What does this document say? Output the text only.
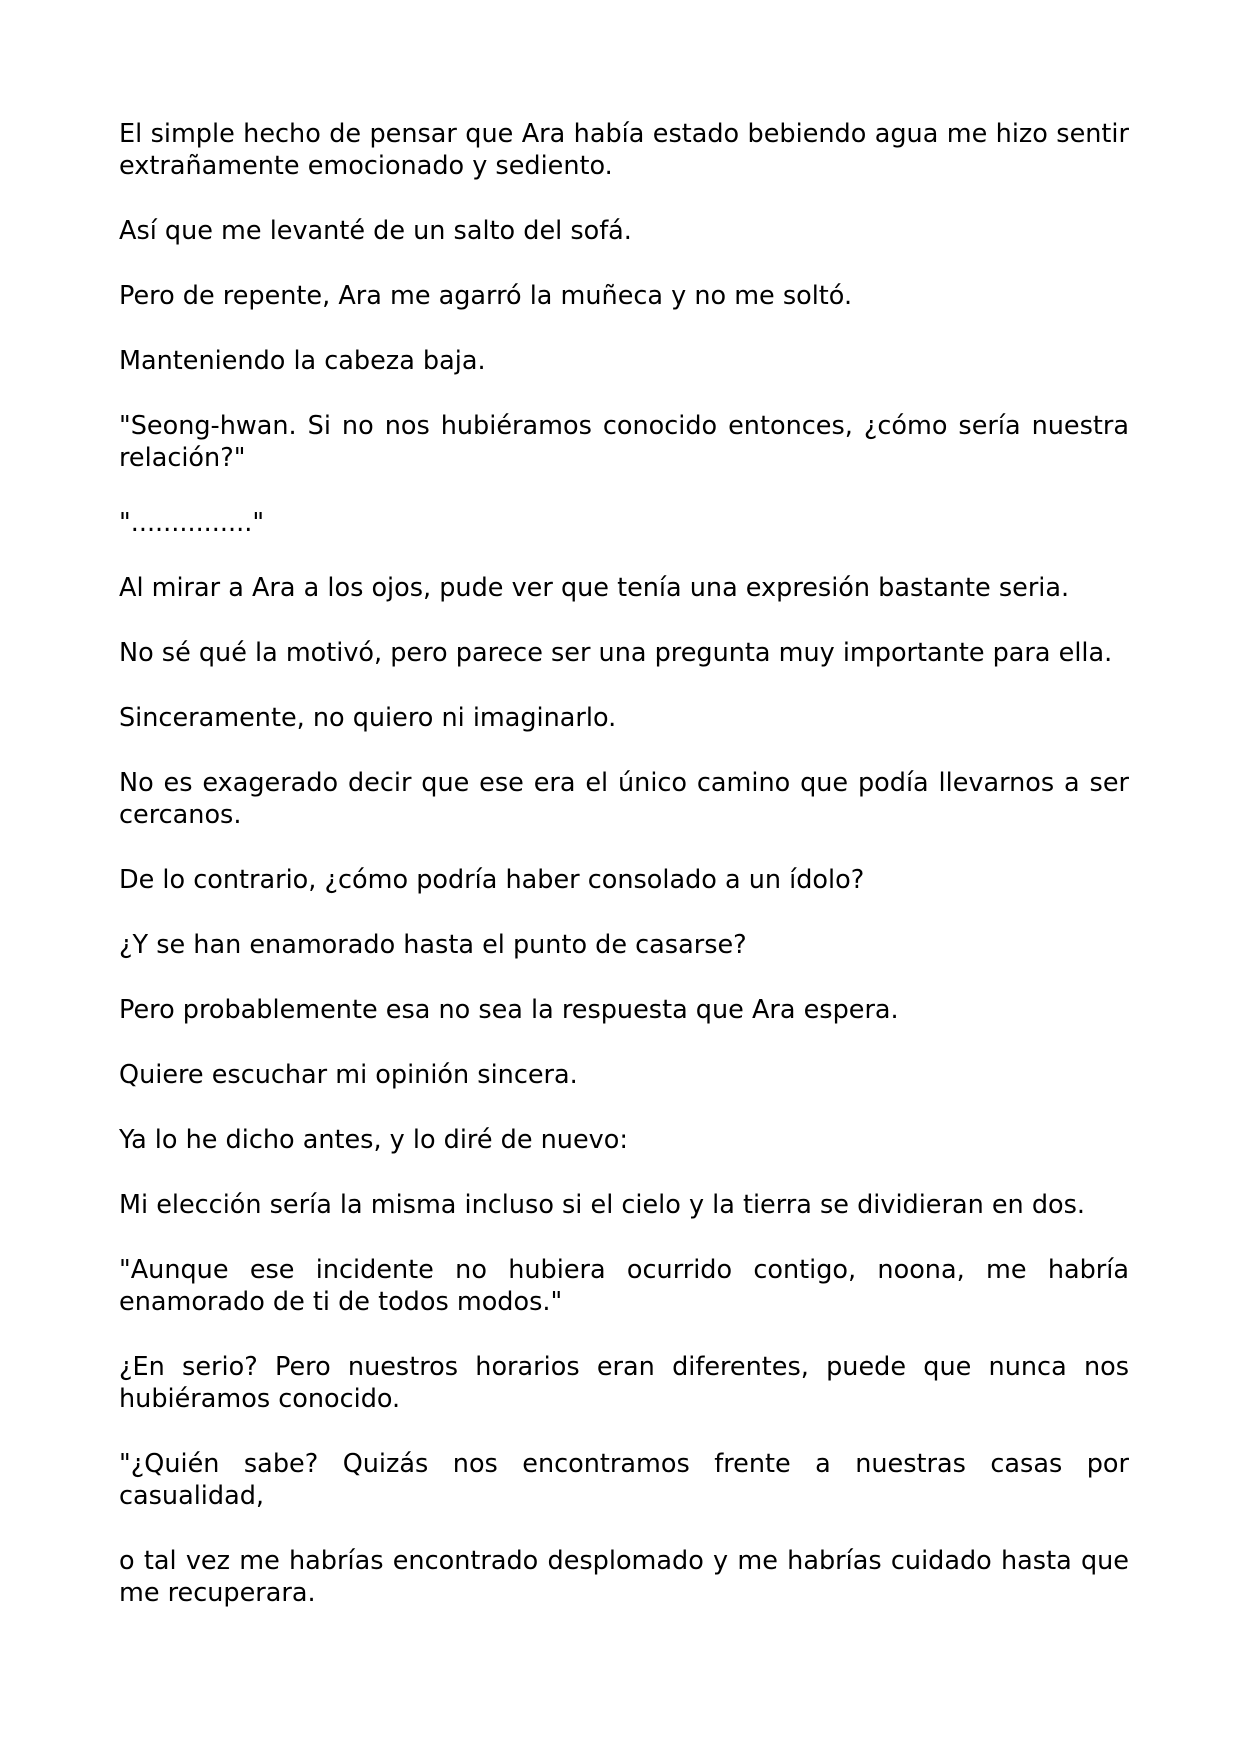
El simple hecho de pensar que Ara había estado bebiendo agua me hizo sentir extrañamente emocionado y sediento.

Así que me levanté de un salto del sofá.

Pero de repente, Ara me agarró la muñeca y no me soltó.

Manteniendo la cabeza baja.

"Seong-hwan. Si no nos hubiéramos conocido entonces, ¿cómo sería nuestra relación?"

"..............."

Al mirar a Ara a los ojos, pude ver que tenía una expresión bastante seria.

No sé qué la motivó, pero parece ser una pregunta muy importante para ella.

Sinceramente, no quiero ni imaginarlo.

No es exagerado decir que ese era el único camino que podía llevarnos a ser cercanos.

De lo contrario, ¿cómo podría haber consolado a un ídolo?

¿Y se han enamorado hasta el punto de casarse?

Pero probablemente esa no sea la respuesta que Ara espera.

Quiere escuchar mi opinión sincera.

Ya lo he dicho antes, y lo diré de nuevo:

Mi elección sería la misma incluso si el cielo y la tierra se dividieran en dos.

"Aunque ese incidente no hubiera ocurrido contigo, noona, me habría enamorado de ti de todos modos."

¿En serio? Pero nuestros horarios eran diferentes, puede que nunca nos hubiéramos conocido.

"¿Quién sabe? Quizás nos encontramos frente a nuestras casas por casualidad,

o tal vez me habrías encontrado desplomado y me habrías cuidado hasta que me recuperara.
